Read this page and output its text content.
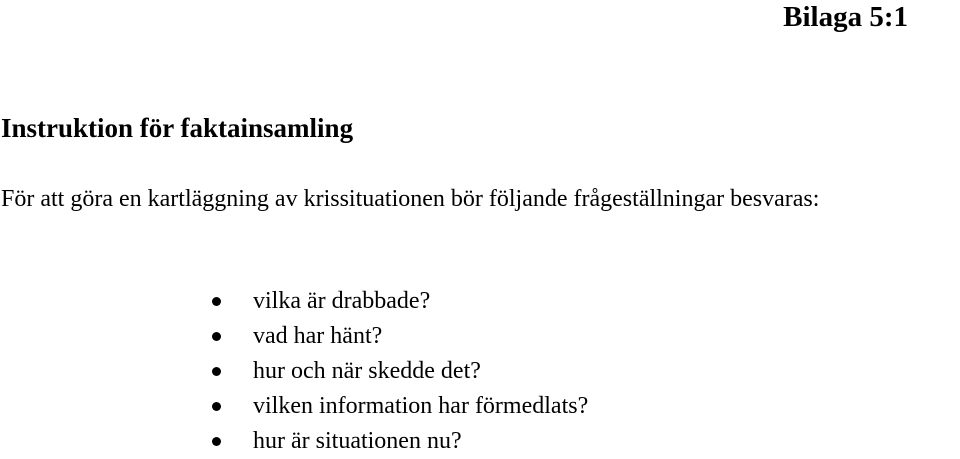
Bilaga 5:1
Instruktion för faktainsamling

För att göra en kartläggning av krissituationen bör följande frågeställningar besvaras:

vilka är drabbade?
vad har hänt?
hur och när skedde det?
vilken information har förmedlats?
hur är situationen nu?
